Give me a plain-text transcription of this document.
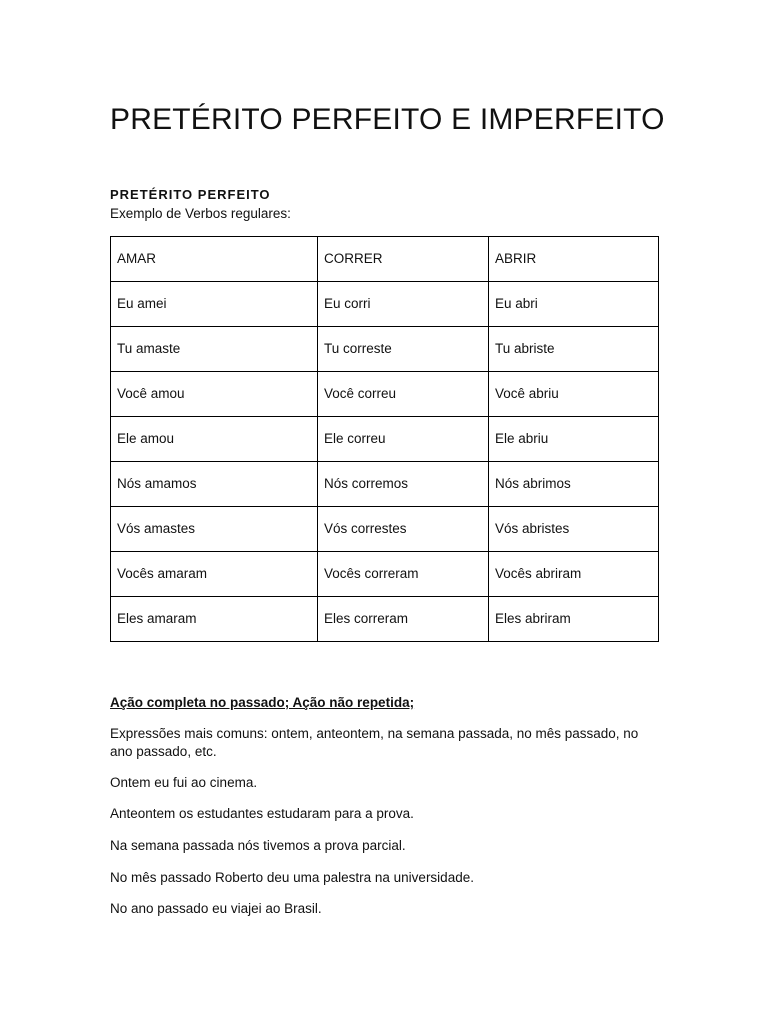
PRETÉRITO PERFEITO E IMPERFEITO

PRETÉRITO PERFEITO

Exemplo de Verbos regulares:

AMAR	CORRER	ABRIR
Eu amei	Eu corri	Eu abri
Tu amaste	Tu correste	Tu abriste
Você amou	Você correu	Você abriu
Ele amou	Ele correu	Ele abriu
Nós amamos	Nós corremos	Nós abrimos
Vós amastes	Vós correstes	Vós abristes
Vocês amaram	Vocês correram	Vocês abriram
Eles amaram	Eles correram	Eles abriram

Ação completa no passado; Ação não repetida;

Expressões mais comuns: ontem, anteontem, na semana passada, no mês passado, no ano passado, etc.

Ontem eu fui ao cinema.

Anteontem os estudantes estudaram para a prova.

Na semana passada nós tivemos a prova parcial.

No mês passado Roberto deu uma palestra na universidade.

No ano passado eu viajei ao Brasil.
